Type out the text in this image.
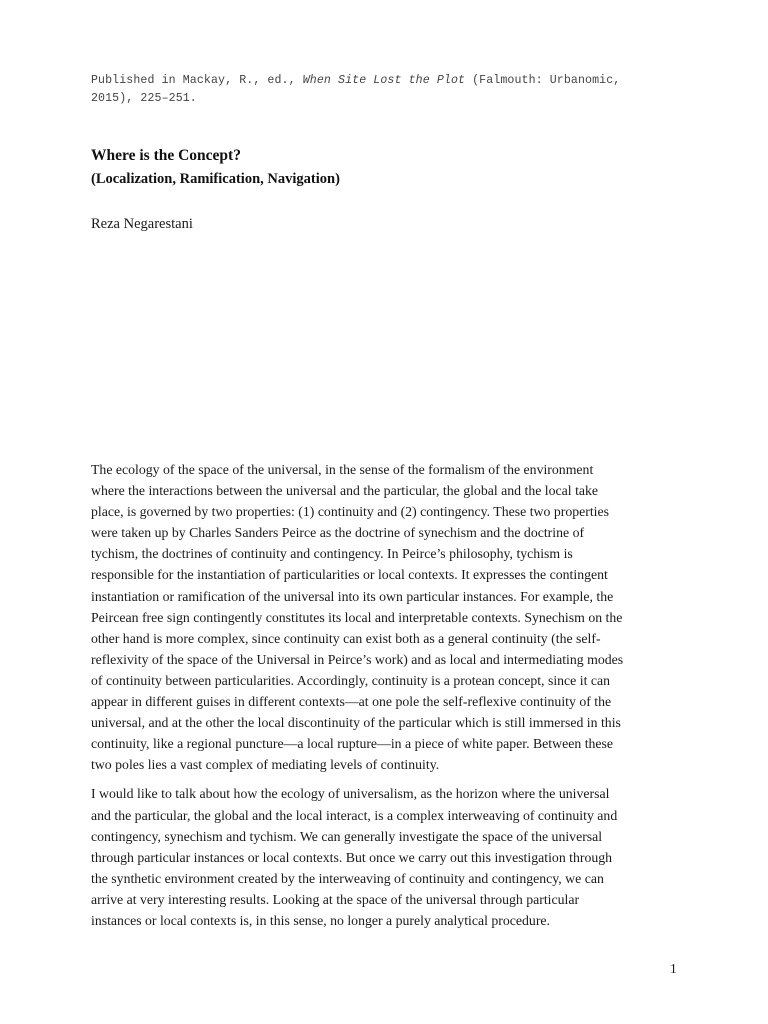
Published in Mackay, R., ed., When Site Lost the Plot (Falmouth: Urbanomic,
2015), 225–251.
Where is the Concept?
(Localization, Ramification, Navigation)
Reza Negarestani

The ecology of the space of the universal, in the sense of the formalism of the environment
where the interactions between the universal and the particular, the global and the local take
place, is governed by two properties: (1) continuity and (2) contingency. These two properties
were taken up by Charles Sanders Peirce as the doctrine of synechism and the doctrine of
tychism, the doctrines of continuity and contingency. In Peirce’s philosophy, tychism is
responsible for the instantiation of particularities or local contexts. It expresses the contingent
instantiation or ramification of the universal into its own particular instances. For example, the
Peircean free sign contingently constitutes its local and interpretable contexts. Synechism on the
other hand is more complex, since continuity can exist both as a general continuity (the self-
reflexivity of the space of the Universal in Peirce’s work) and as local and intermediating modes
of continuity between particularities. Accordingly, continuity is a protean concept, since it can
appear in different guises in different contexts—at one pole the self-reflexive continuity of the
universal, and at the other the local discontinuity of the particular which is still immersed in this
continuity, like a regional puncture—a local rupture—in a piece of white paper. Between these
two poles lies a vast complex of mediating levels of continuity.

I would like to talk about how the ecology of universalism, as the horizon where the universal
and the particular, the global and the local interact, is a complex interweaving of continuity and
contingency, synechism and tychism. We can generally investigate the space of the universal
through particular instances or local contexts. But once we carry out this investigation through
the synthetic environment created by the interweaving of continuity and contingency, we can
arrive at very interesting results. Looking at the space of the universal through particular
instances or local contexts is, in this sense, no longer a purely analytical procedure.

1
